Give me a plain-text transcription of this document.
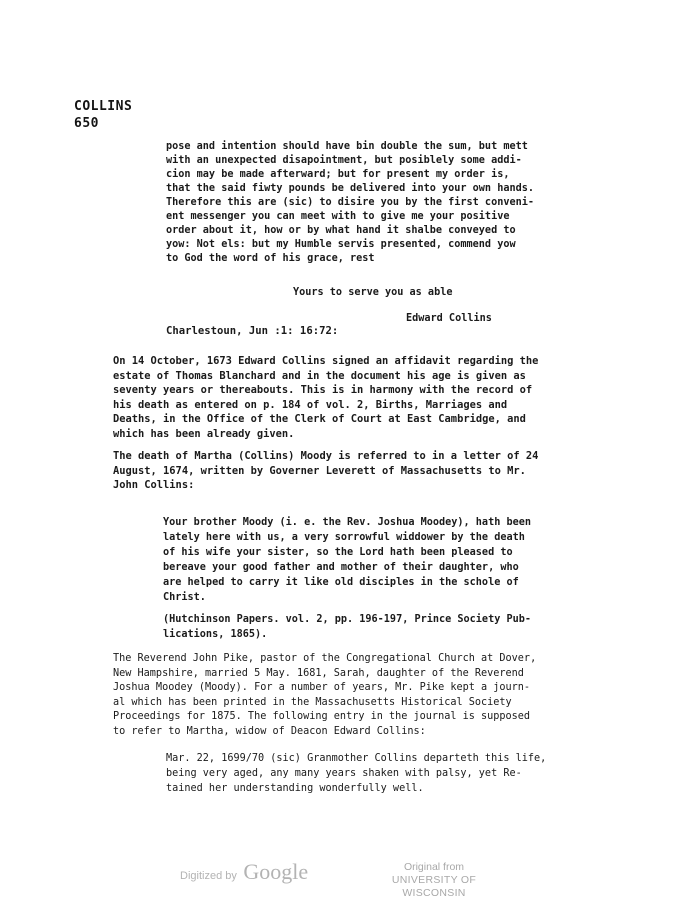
COLLINS
650
pose and intention should have bin double the sum, but mett
with an unexpected disapointment, but posiblely some addi-
cion may be made afterward; but for present my order is,
that the said fiwty pounds be delivered into your own hands.
Therefore this are (sic) to disire you by the first conveni-
ent messenger you can meet with to give me your positive
order about it, how or by what hand it shalbe conveyed to
yow: Not els: but my Humble servis presented, commend yow
to God the word of his grace, rest
Yours to serve you as able
Edward Collins
Charlestoun, Jun :1: 16:72:
On 14 October, 1673 Edward Collins signed an affidavit regarding the
estate of Thomas Blanchard and in the document his age is given as
seventy years or thereabouts. This is in harmony with the record of
his death as entered on p. 184 of vol. 2, Births, Marriages and
Deaths, in the Office of the Clerk of Court at East Cambridge, and
which has been already given.
The death of Martha (Collins) Moody is referred to in a letter of 24
August, 1674, written by Governer Leverett of Massachusetts to Mr.
John Collins:
Your brother Moody (i. e. the Rev. Joshua Moodey), hath been
lately here with us, a very sorrowful widdower by the death
of his wife your sister, so the Lord hath been pleased to
bereave your good father and mother of their daughter, who
are helped to carry it like old disciples in the schole of
Christ.
(Hutchinson Papers. vol. 2, pp. 196-197, Prince Society Pub-
lications, 1865).
The Reverend John Pike, pastor of the Congregational Church at Dover,
New Hampshire, married 5 May. 1681, Sarah, daughter of the Reverend
Joshua Moodey (Moody). For a number of years, Mr. Pike kept a journ-
al which has been printed in the Massachusetts Historical Society
Proceedings for 1875. The following entry in the journal is supposed
to refer to Martha, widow of Deacon Edward Collins:
Mar. 22, 1699/70 (sic) Granmother Collins departeth this life,
being very aged, any many years shaken with palsy, yet Re-
tained her understanding wonderfully well.
Digitized by Google	Original from
UNIVERSITY OF WISCONSIN
